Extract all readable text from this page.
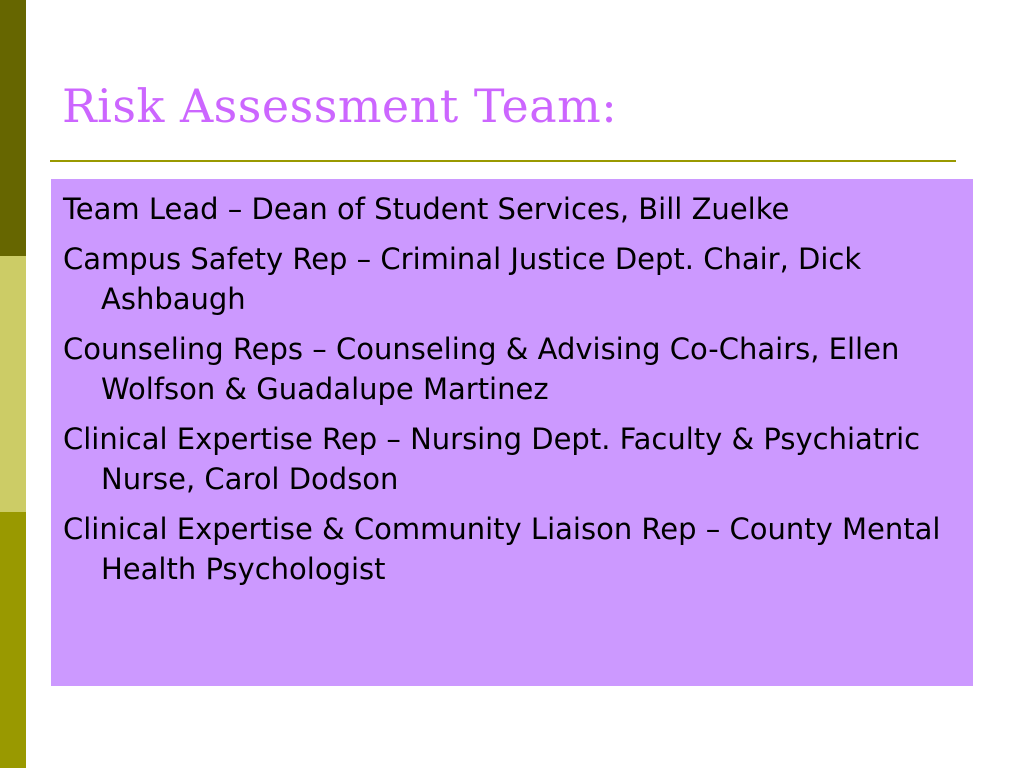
Risk Assessment Team:
Team Lead – Dean of Student Services, Bill Zuelke
Campus Safety Rep – Criminal Justice Dept. Chair, Dick Ashbaugh
Counseling Reps – Counseling & Advising Co-Chairs, Ellen Wolfson & Guadalupe Martinez
Clinical Expertise Rep – Nursing Dept. Faculty & Psychiatric Nurse, Carol Dodson
Clinical Expertise & Community Liaison Rep – County Mental Health Psychologist
